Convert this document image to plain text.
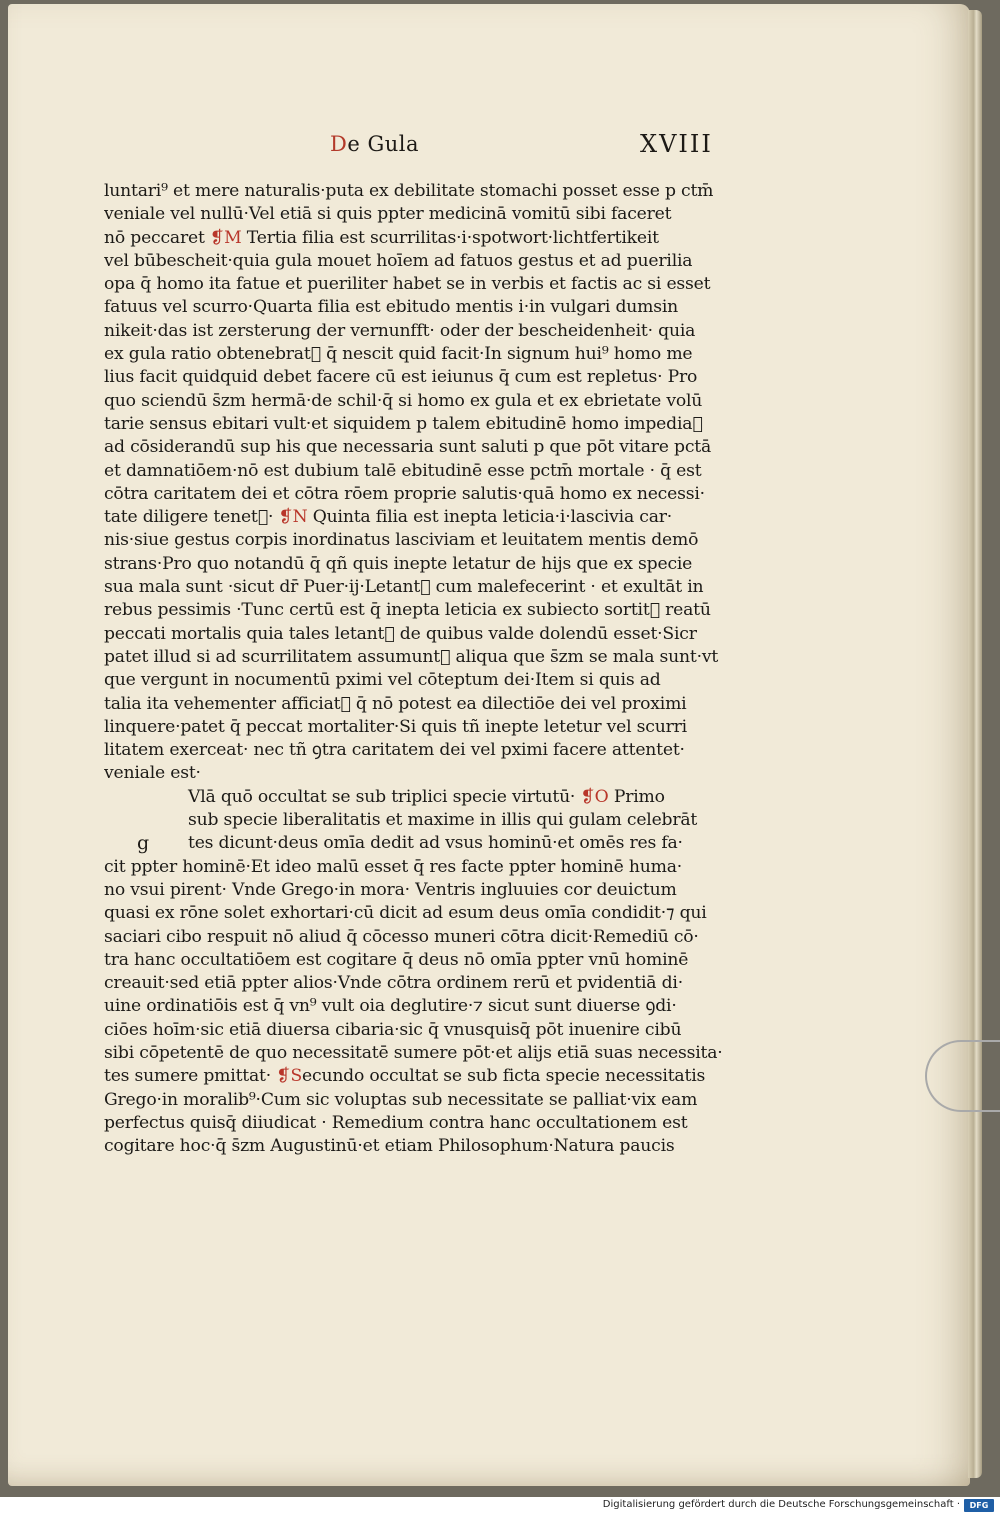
De Gula	XVIII
g
luntari⁹ et mere naturalis·puta ex debilitate stomachi posset esse p ctm̄
veniale vel nullū·Vel etiā si quis ppter medicinā vomitū sibi faceret
nō peccaret ❡M Tertia filia est scurrilitas·i·spotwort·lichtfertikeit
vel būbescheit·quia gula mouet hoīem ad fatuos gestus et ad puerilia
opa q̄ homo ita fatue et pueriliter habet se in verbis et factis ac si esset
fatuus vel scurro·Quarta filia est ebitudo mentis i·in vulgari dumsin
nikeit·das ist zersterung der vernunfft· oder der bescheidenheit· quia
ex gula ratio obtenebrat᷑ q̄ nescit quid facit·In signum hui⁹ homo me
lius facit quidquid debet facere cū est ieiunus q̄ cum est repletus· Pro
quo sciendū s̄zm hermā·de schil·q̄ si homo ex gula et ex ebrietate volū
tarie sensus ebitari vult·et siquidem p talem ebitudinē homo impedia᷑
ad cōsiderandū sup his que necessaria sunt saluti p que pōt vitare pctā
et damnatiōem·nō est dubium talē ebitudinē esse pctm̄ mortale · q̄ est
cōtra caritatem dei et cōtra rōem proprie salutis·quā homo ex necessi·
tate diligere tenet᷑· ❡N Quinta filia est inepta leticia·i·lascivia car·
nis·siue gestus corpis inordinatus lasciviam et leuitatem mentis demō
strans·Pro quo notandū q̄ qñ quis inepte letatur de hijs que ex specie
sua mala sunt ·sicut dr̄ Puer·ij·Letant᷑ cum malefecerint · et exultāt in
rebus pessimis ·Tunc certū est q̄ inepta leticia ex subiecto sortit᷑ reatū
peccati mortalis quia tales letant᷑ de quibus valde dolendū esset·Sicr
patet illud si ad scurrilitatem assumunt᷑ aliqua que s̄zm se mala sunt·vt
que vergunt in nocumentū pximi vel cōteptum dei·Item si quis ad
talia ita vehementer afficiat᷑ q̄ nō potest ea dilectiōe dei vel proximi
linquere·patet q̄ peccat mortaliter·Si quis tñ inepte letetur vel scurri
litatem exerceat· nec tñ ꝯtra caritatem dei vel pximi facere attentet·
veniale est·
Vlā quō occultat se sub triplici specie virtutū· ❡O Primo
sub specie liberalitatis et maxime in illis qui gulam celebrāt
tes dicunt·deus omīa dedit ad vsus hominū·et omēs res fa·
cit ppter hominē·Et ideo malū esset q̄ res facte ppter hominē huma·
no vsui pirent· Vnde Grego·in mora· Ventris ingluuies cor deuictum
quasi ex rōne solet exhortari·cū dicit ad esum deus omīa condidit·⁊ qui
saciari cibo respuit nō aliud q̄ cōcesso muneri cōtra dicit·Remediū cō·
tra hanc occultatiōem est cogitare q̄ deus nō omīa ppter vnū hominē
creauit·sed etiā ppter alios·Vnde cōtra ordinem rerū et pvidentiā di·
uine ordinatiōis est q̄ vn⁹ vult oia deglutire·⁊ sicut sunt diuerse ꝯdi·
ciōes hoīm·sic etiā diuersa cibaria·sic q̄ vnusquisq̄ pōt inuenire cibū
sibi cōpetentē de quo necessitatē sumere pōt·et alijs etiā suas necessita·
tes sumere pmittat· ❡Secundo occultat se sub ficta specie necessitatis
Grego·in moralib⁹·Cum sic voluptas sub necessitate se palliat·vix eam
perfectus quisq̄ diiudicat · Remedium contra hanc occultationem est
cogitare hoc·q̄ s̄zm Augustinū·et etiam Philosophum·Natura paucis
Digitalisierung gefördert durch die Deutsche Forschungsgemeinschaft ·	DFG
